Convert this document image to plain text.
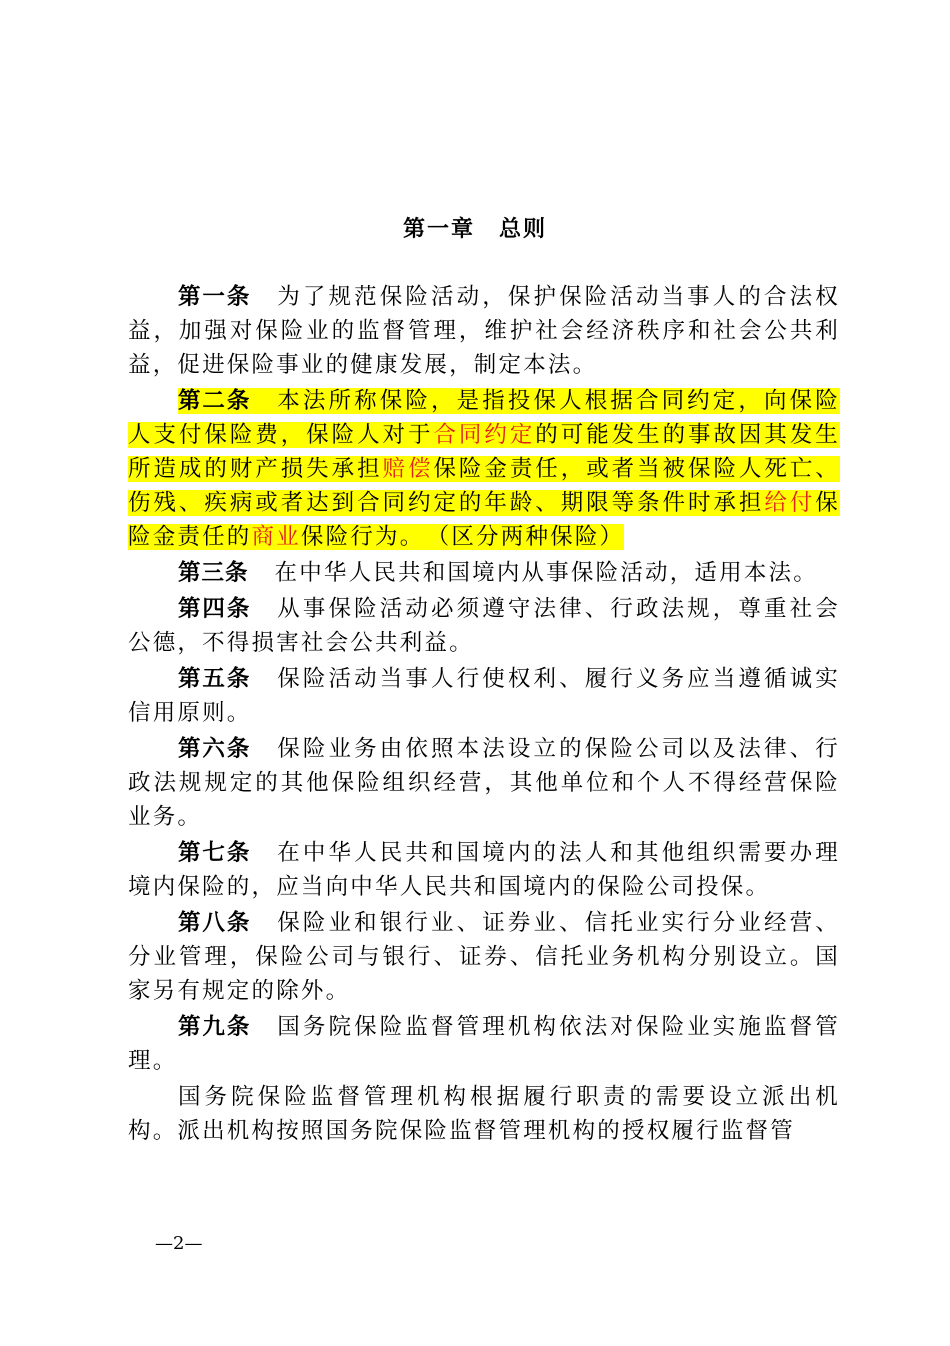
第一章　总则

第一条 为了规范保险活动，保护保险活动当事人的合法权益，加强对保险业的监督管理，维护社会经济秩序和社会公共利益，促进保险事业的健康发展，制定本法。

第二条 本法所称保险，是指投保人根据合同约定，向保险人支付保险费，保险人对于合同约定的可能发生的事故因其发生所造成的财产损失承担赔偿保险金责任，或者当被保险人死亡、伤残、疾病或者达到合同约定的年龄、期限等条件时承担给付保险金责任的商业保险行为。　 （区分两种保险）

第三条 在中华人民共和国境内从事保险活动，适用本法。

第四条 从事保险活动必须遵守法律、行政法规，尊重社会公德，不得损害社会公共利益。

第五条 保险活动当事人行使权利、履行义务应当遵循诚实信用原则。

第六条 保险业务由依照本法设立的保险公司以及法律、行政法规规定的其他保险组织经营，其他单位和个人不得经营保险业务。

第七条 在中华人民共和国境内的法人和其他组织需要办理境内保险的，应当向中华人民共和国境内的保险公司投保。

第八条 保险业和银行业、证券业、信托业实行分业经营、分业管理，保险公司与银行、证券、信托业务机构分别设立。国家另有规定的除外。

第九条 国务院保险监督管理机构依法对保险业实施监督管理。

国务院保险监督管理机构根据履行职责的需要设立派出机构。派出机构按照国务院保险监督管理机构的授权履行监督管

—2—
